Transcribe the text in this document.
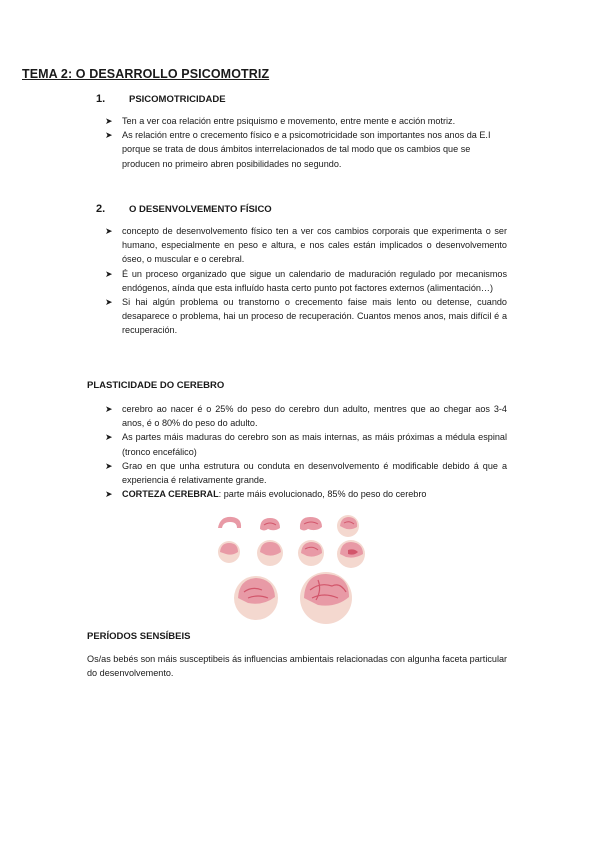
TEMA 2: O DESARROLLO PSICOMOTRIZ
1.	PSICOMOTRICIDADE
➤ Ten a ver coa relación entre psiquismo e movemento, entre mente e acción motriz.
➤ As relación entre o crecemento físico e a psicomotricidade son importantes nos anos da E.I porque se trata de dous ámbitos interrelacionados de tal modo que os cambios que se producen no primeiro abren posibilidades no segundo.
2.	O DESENVOLVEMENTO FÍSICO
➤ concepto de desenvolvemento físico ten a ver cos cambios corporais que experimenta o ser humano, especialmente en peso e altura, e nos cales están implicados o desenvolvemento óseo, o muscular e o cerebral.
➤ É un proceso organizado que sigue un calendario de maduración regulado por mecanismos endógenos, aínda que esta influído hasta certo punto pot factores externos (alimentación…)
➤ Si hai algún problema ou transtorno o crecemento faise mais lento ou detense, cuando desaparece o problema, hai un proceso de recuperación. Cuantos menos anos, mais difícil é a recuperación.
PLASTICIDADE DO CEREBRO
➤ cerebro ao nacer é o 25% do peso do cerebro dun adulto, mentres que ao chegar aos 3-4 anos, é o 80% do peso do adulto.
➤ As partes máis maduras do cerebro son as mais internas, as máis próximas a médula espinal (tronco encefálico)
➤ Grao en que unha estrutura ou conduta en desenvolvemento é modificable debido á que a experiencia é relativamente grande.
➤ CORTEZA CEREBRAL: parte máis evolucionado, 85% do peso do cerebro
PERÍODOS SENSÍBEIS
Os/as bebés son máis susceptibeis ás influencias ambientais relacionadas con algunha faceta particular do desenvolvemento.
